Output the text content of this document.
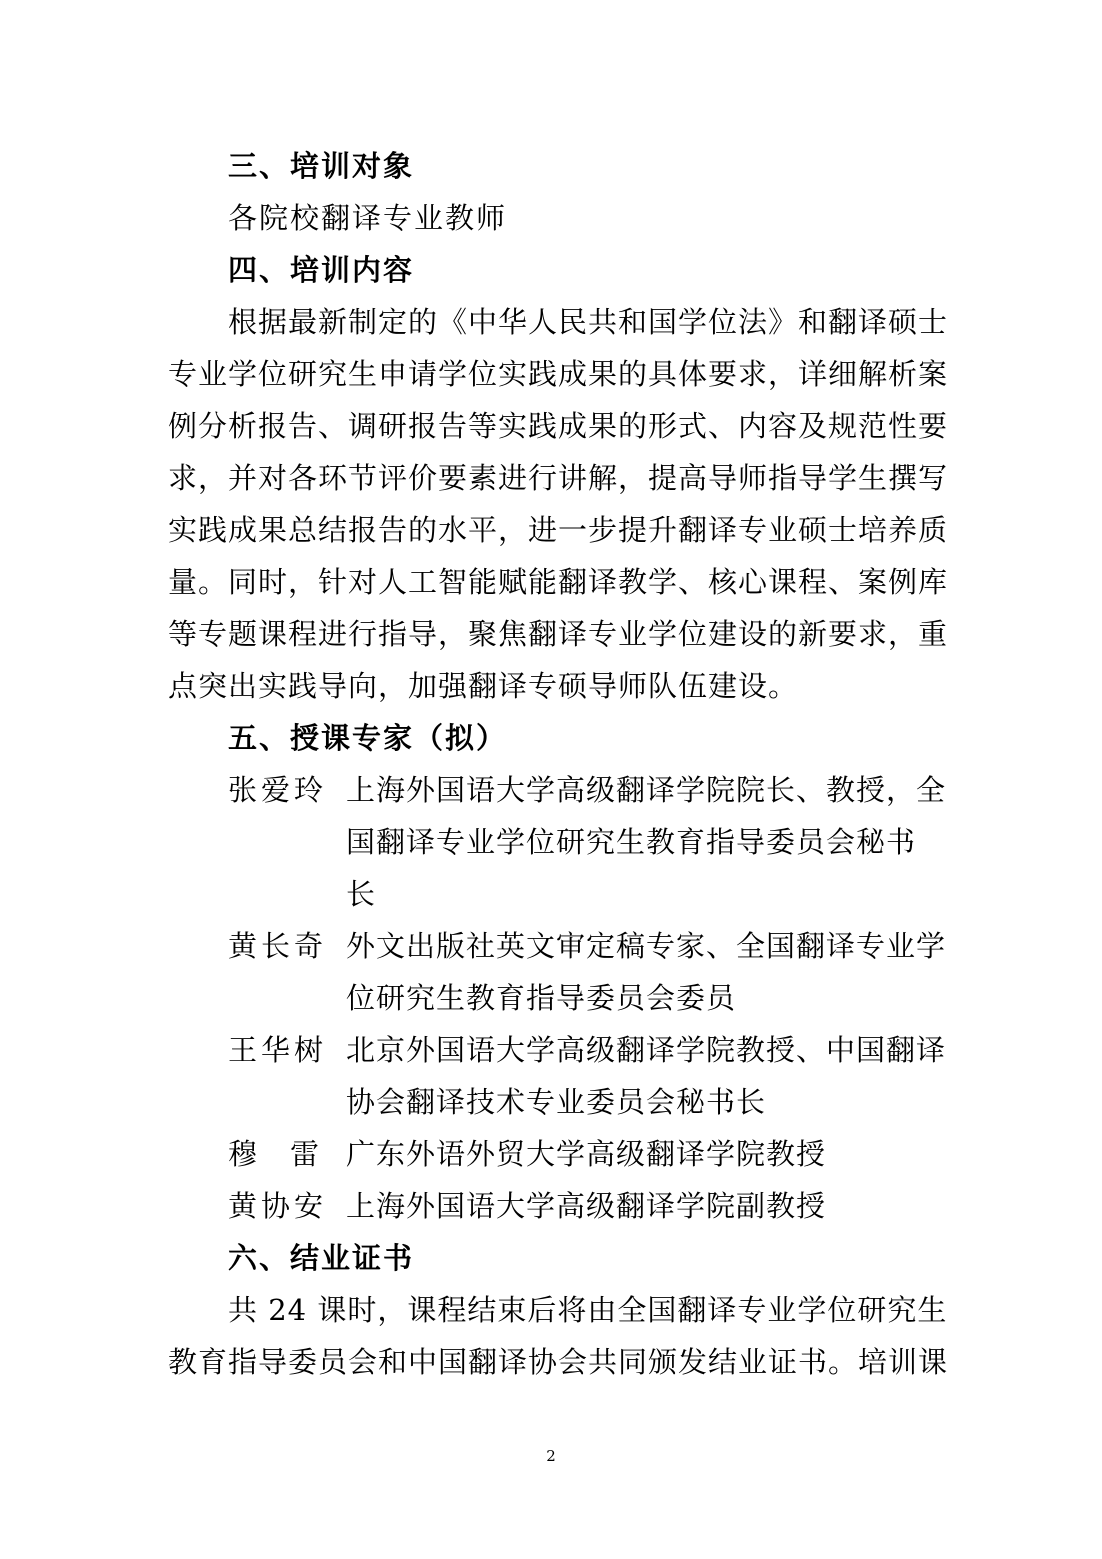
三、培训对象
各院校翻译专业教师
四、培训内容
根据最新制定的《中华人民共和国学位法》和翻译硕士
专业学位研究生申请学位实践成果的具体要求，详细解析案
例分析报告、调研报告等实践成果的形式、内容及规范性要
求，并对各环节评价要素进行讲解，提高导师指导学生撰写
实践成果总结报告的水平，进一步提升翻译专业硕士培养质
量。同时，针对人工智能赋能翻译教学、核心课程、案例库
等专题课程进行指导，聚焦翻译专业学位建设的新要求，重
点突出实践导向，加强翻译专硕导师队伍建设。
五、授课专家（拟）
张爱玲 上海外国语大学高级翻译学院院长、教授，全
国翻译专业学位研究生教育指导委员会秘书
长
黄长奇 外文出版社英文审定稿专家、全国翻译专业学
位研究生教育指导委员会委员
王华树 北京外国语大学高级翻译学院教授、中国翻译
协会翻译技术专业委员会秘书长
穆　雷 广东外语外贸大学高级翻译学院教授
黄协安 上海外国语大学高级翻译学院副教授
六、结业证书
共 24 课时，课程结束后将由全国翻译专业学位研究生
教育指导委员会和中国翻译协会共同颁发结业证书。培训课
2
